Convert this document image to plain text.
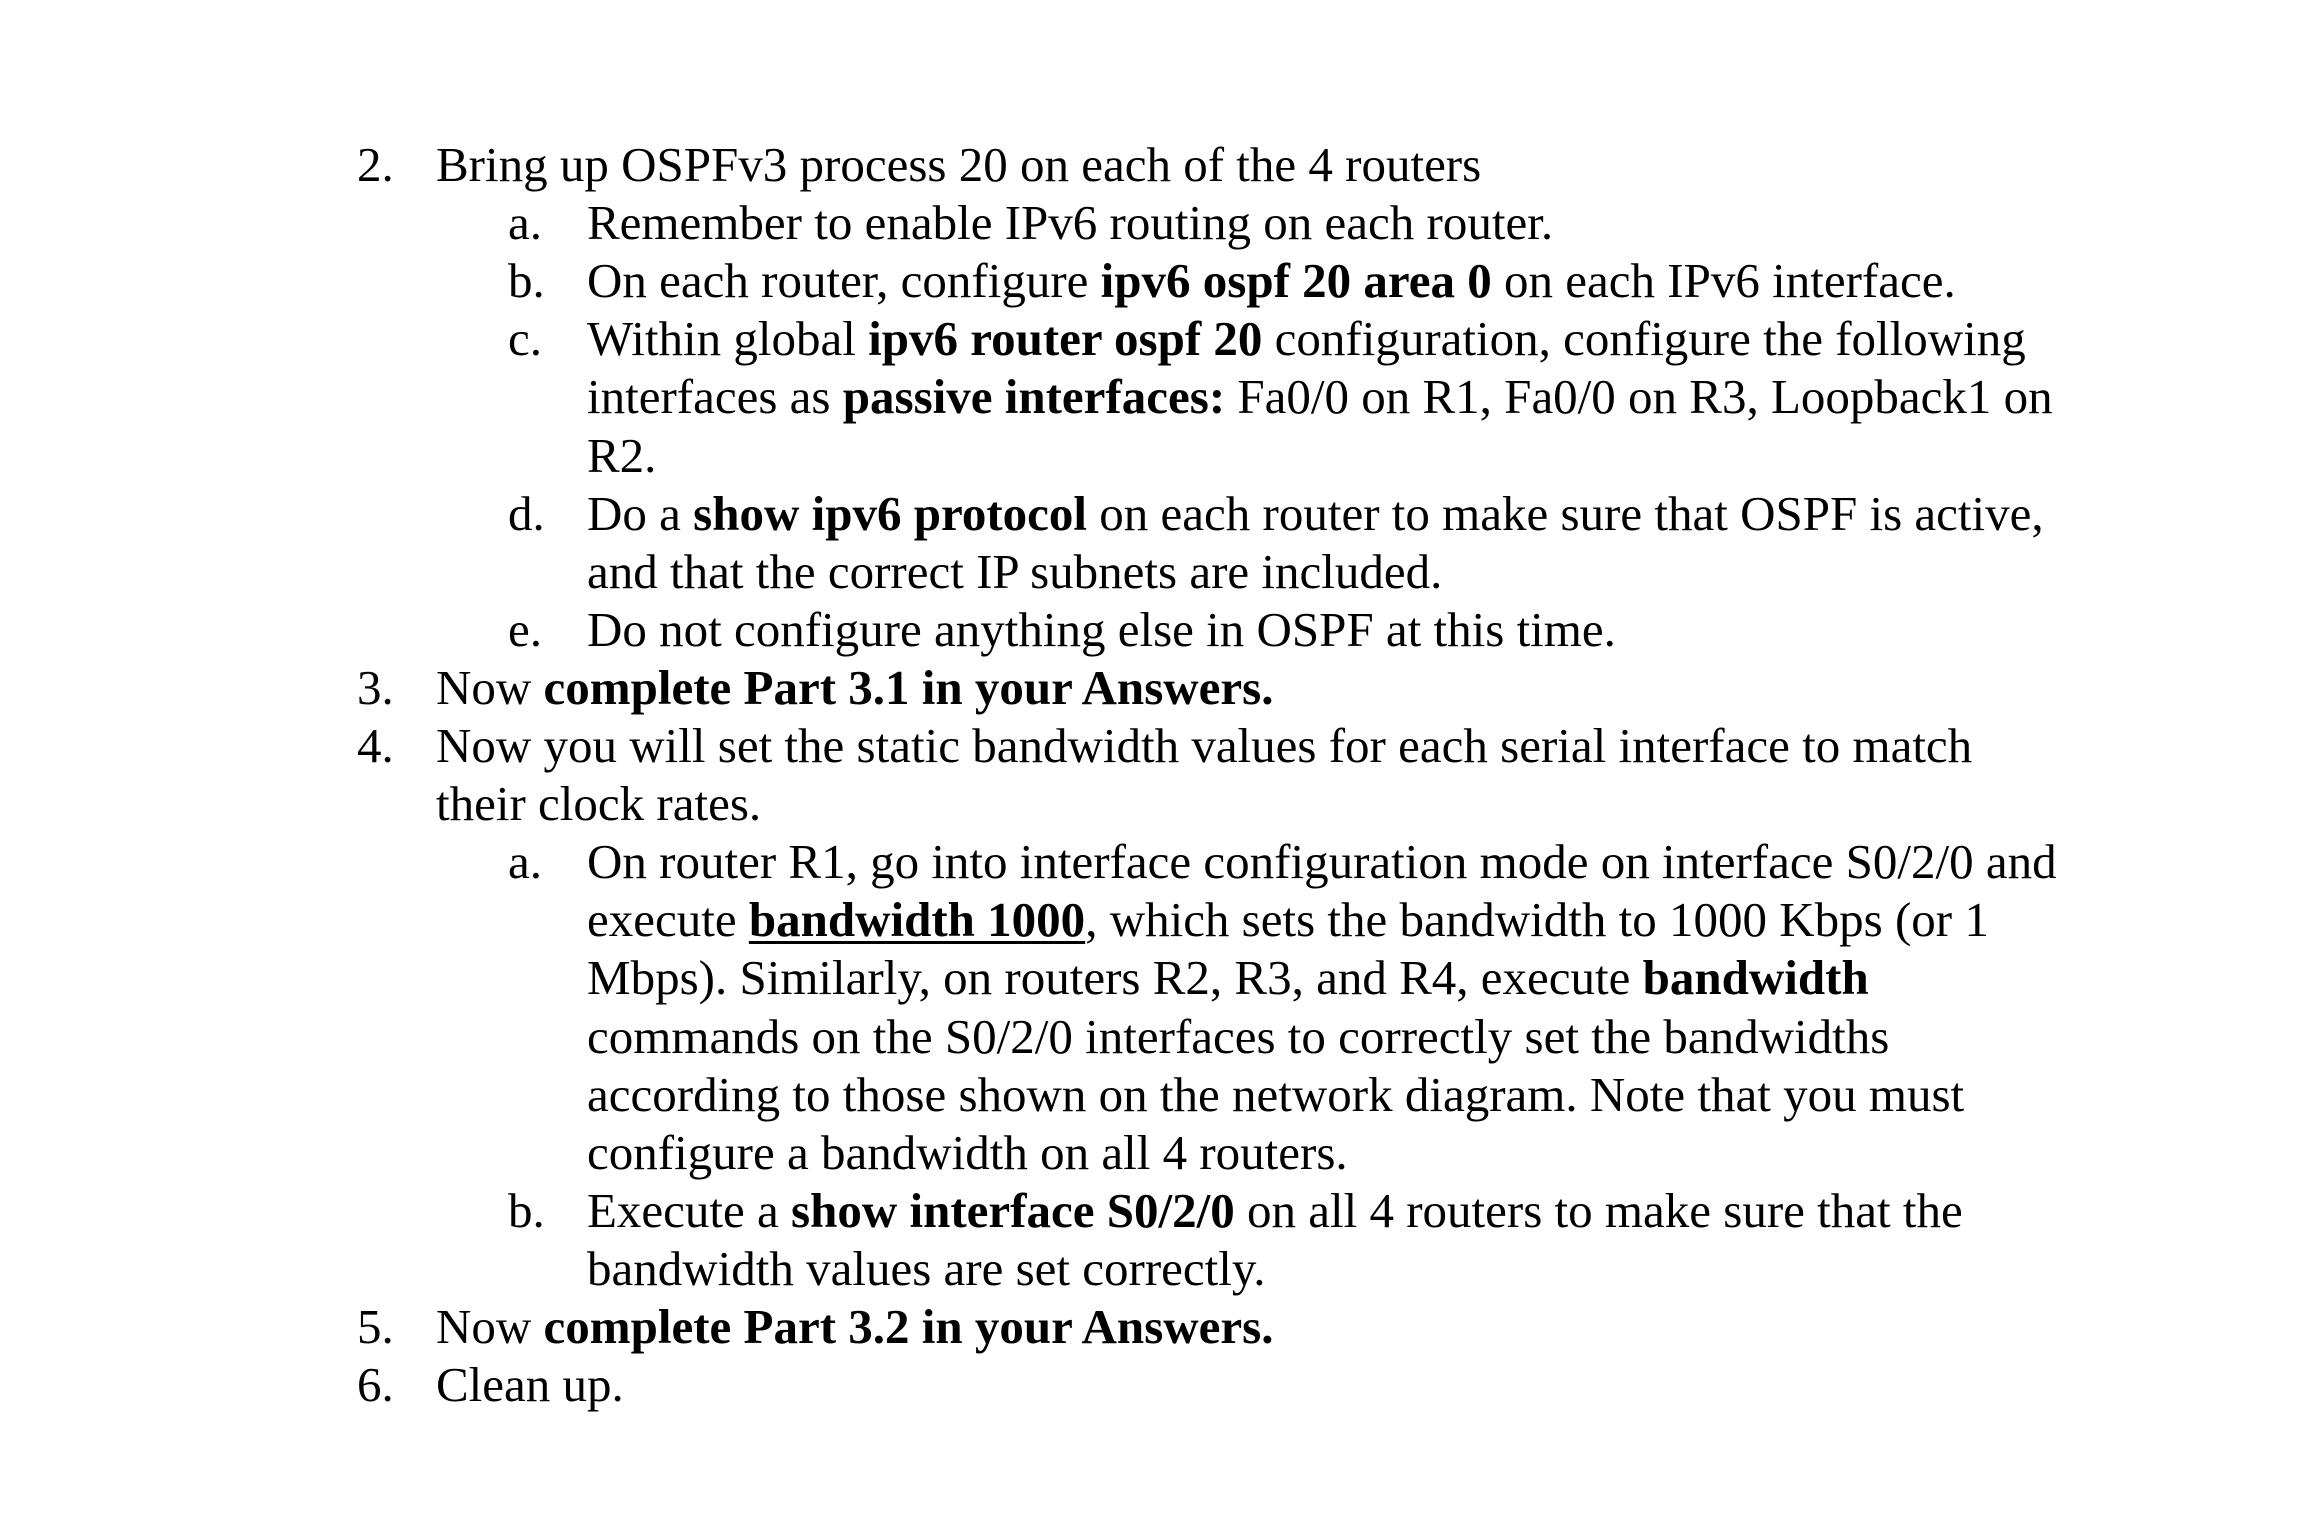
2. Bring up OSPFv3 process 20 on each of the 4 routers
a. Remember to enable IPv6 routing on each router.
b. On each router, configure ipv6 ospf 20 area 0 on each IPv6 interface.
c. Within global ipv6 router ospf 20 configuration, configure the following
interfaces as passive interfaces: Fa0/0 on R1, Fa0/0 on R3, Loopback1 on
R2.
d. Do a show ipv6 protocol on each router to make sure that OSPF is active,
and that the correct IP subnets are included.
e. Do not configure anything else in OSPF at this time.
3. Now complete Part 3.1 in your Answers.
4. Now you will set the static bandwidth values for each serial interface to match
their clock rates.
a. On router R1, go into interface configuration mode on interface S0/2/0 and
execute bandwidth 1000, which sets the bandwidth to 1000 Kbps (or 1
Mbps). Similarly, on routers R2, R3, and R4, execute bandwidth
commands on the S0/2/0 interfaces to correctly set the bandwidths
according to those shown on the network diagram. Note that you must
configure a bandwidth on all 4 routers.
b. Execute a show interface S0/2/0 on all 4 routers to make sure that the
bandwidth values are set correctly.
5. Now complete Part 3.2 in your Answers.
6. Clean up.
